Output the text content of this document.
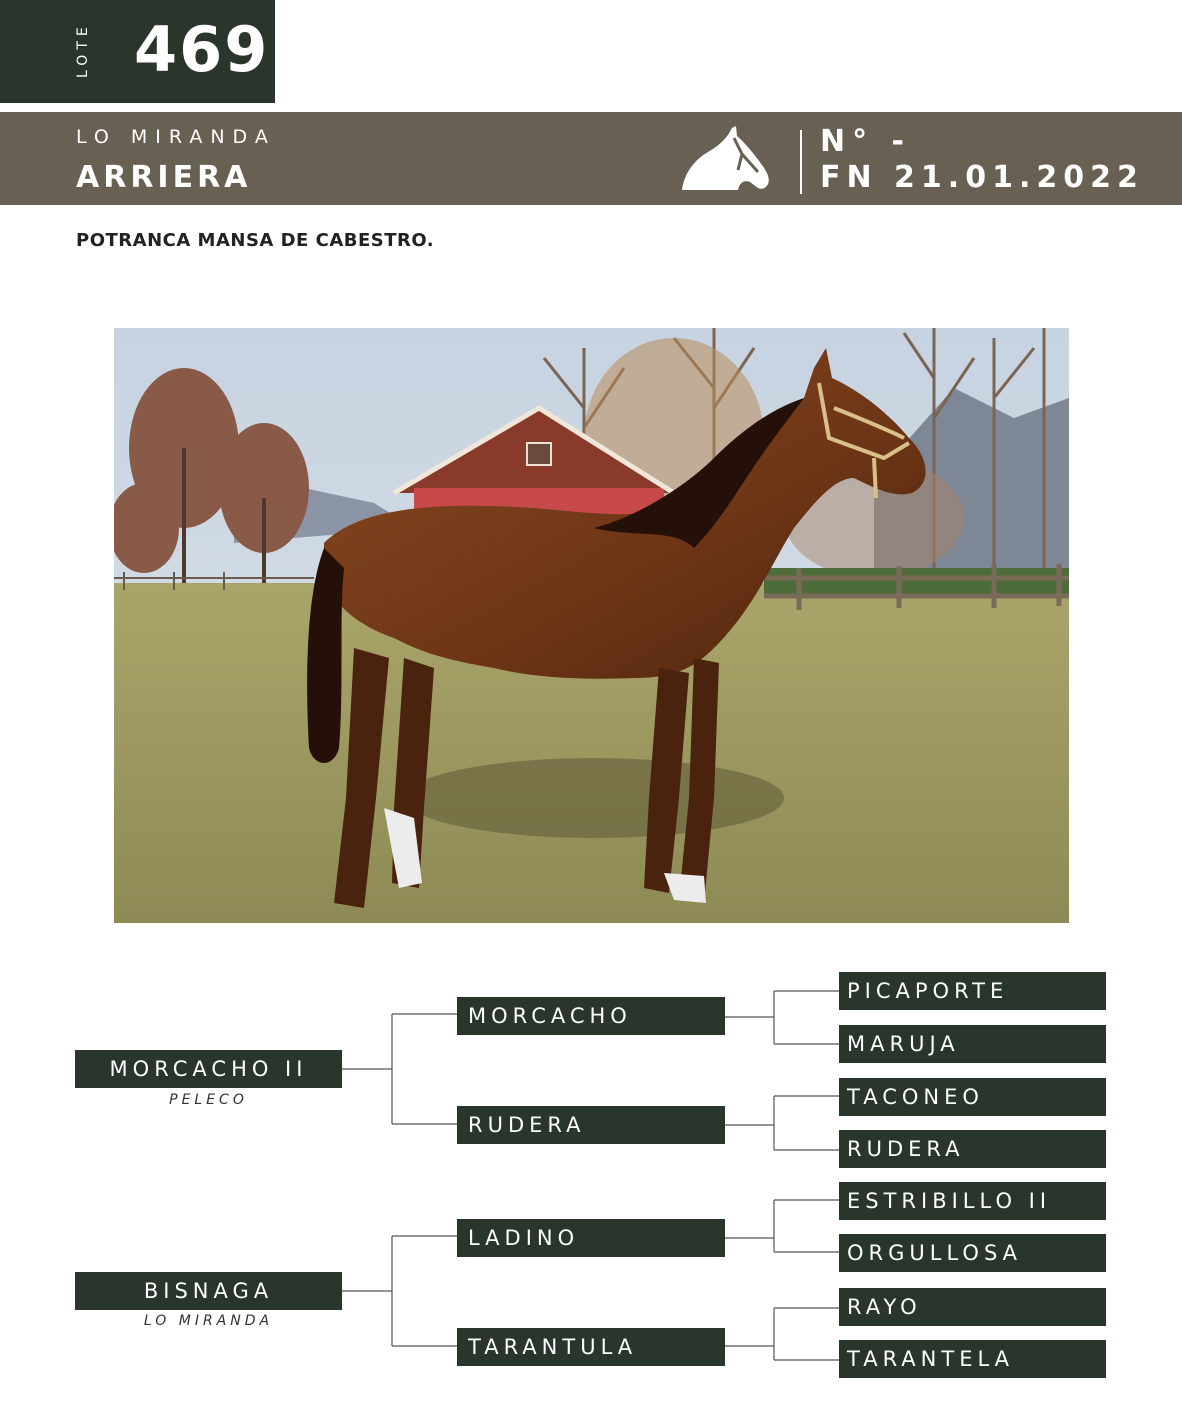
LOTE 469
LO MIRANDA
ARRIERA
N° -
FN 21.01.2022
POTRANCA MANSA DE CABESTRO.
MORCACHO II
PELECO
BISNAGA
LO MIRANDA
MORCACHO
RUDERA
LADINO
TARANTULA
PICAPORTE
MARUJA
TACONEO
RUDERA
ESTRIBILLO II
ORGULLOSA
RAYO
TARANTELA
